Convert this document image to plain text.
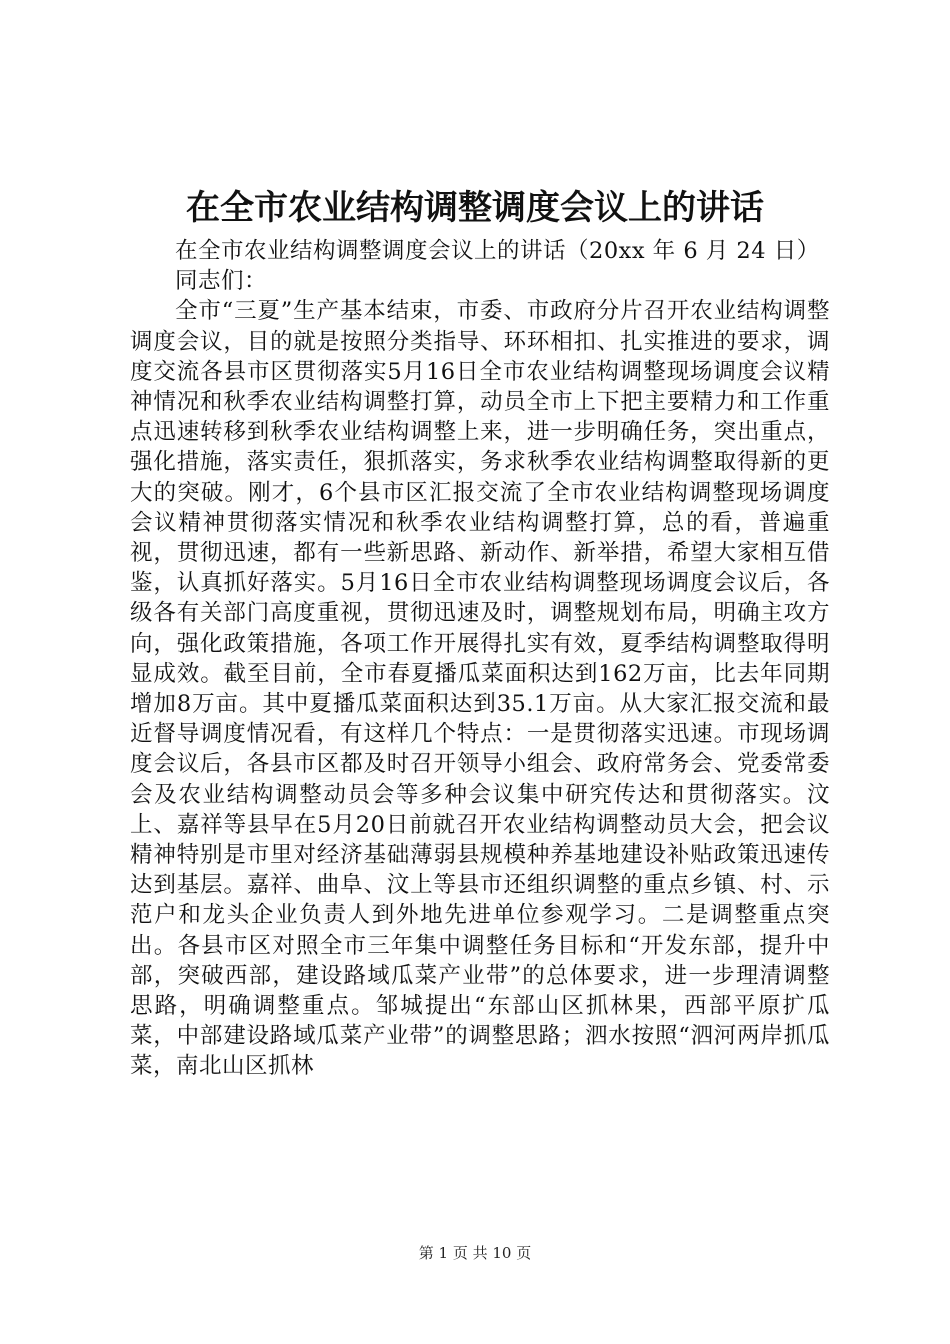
在全市农业结构调整调度会议上的讲话

在全市农业结构调整调度会议上的讲话（20xx 年 6 月 24 日）

同志们：

全市“三夏”生产基本结束，市委、市政府分片召开农业结构调整调度会议，目的就是按照分类指导、环环相扣、扎实推进的要求，调度交流各县市区贯彻落实5月16日全市农业结构调整现场调度会议精神情况和秋季农业结构调整打算，动员全市上下把主要精力和工作重点迅速转移到秋季农业结构调整上来，进一步明确任务，突出重点，强化措施，落实责任，狠抓落实，务求秋季农业结构调整取得新的更大的突破。刚才，6个县市区汇报交流了全市农业结构调整现场调度会议精神贯彻落实情况和秋季农业结构调整打算，总的看，普遍重视，贯彻迅速，都有一些新思路、新动作、新举措，希望大家相互借鉴，认真抓好落实。5月16日全市农业结构调整现场调度会议后，各级各有关部门高度重视，贯彻迅速及时，调整规划布局，明确主攻方向，强化政策措施，各项工作开展得扎实有效，夏季结构调整取得明显成效。截至目前，全市春夏播瓜菜面积达到162万亩，比去年同期增加8万亩。其中夏播瓜菜面积达到35.1万亩。从大家汇报交流和最近督导调度情况看，有这样几个特点：一是贯彻落实迅速。市现场调度会议后，各县市区都及时召开领导小组会、政府常务会、党委常委会及农业结构调整动员会等多种会议集中研究传达和贯彻落实。汶上、嘉祥等县早在5月20日前就召开农业结构调整动员大会，把会议精神特别是市里对经济基础薄弱县规模种养基地建设补贴政策迅速传达到基层。嘉祥、曲阜、汶上等县市还组织调整的重点乡镇、村、示范户和龙头企业负责人到外地先进单位参观学习。二是调整重点突出。各县市区对照全市三年集中调整任务目标和“开发东部，提升中部，突破西部，建设路域瓜菜产业带”的总体要求，进一步理清调整思路，明确调整重点。邹城提出“东部山区抓林果，西部平原扩瓜菜，中部建设路域瓜菜产业带”的调整思路；泗水按照“泗河两岸抓瓜菜，南北山区抓林

第 1 页 共 10 页
